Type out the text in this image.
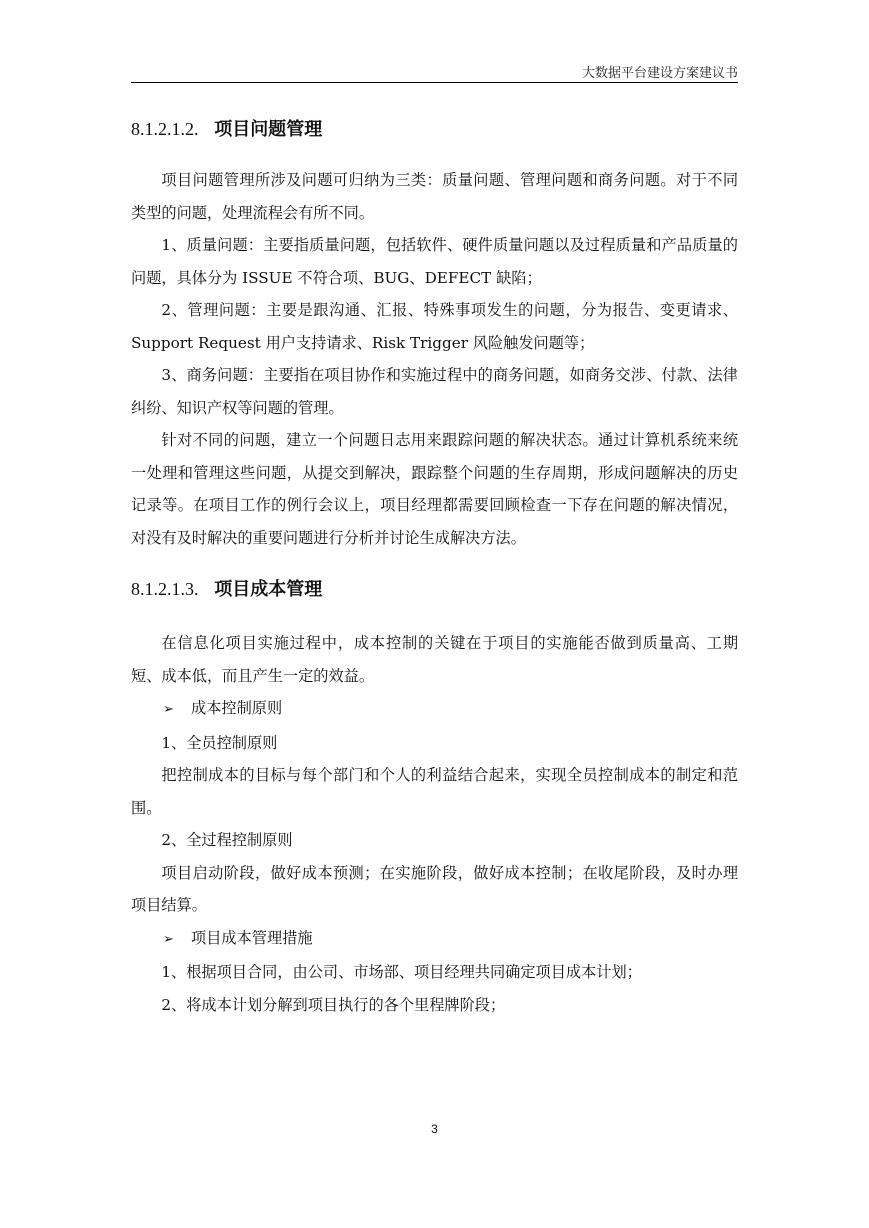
大数据平台建设方案建议书
8.1.2.1.2. 项目问题管理

项目问题管理所涉及问题可归纳为三类：质量问题、管理问题和商务问题。对于不同类型的问题，处理流程会有所不同。

1、质量问题：主要指质量问题，包括软件、硬件质量问题以及过程质量和产品质量的问题，具体分为 ISSUE 不符合项、BUG、DEFECT 缺陷；

2、管理问题：主要是跟沟通、汇报、特殊事项发生的问题，分为报告、变更请求、Support Request 用户支持请求、Risk Trigger 风险触发问题等；

3、商务问题：主要指在项目协作和实施过程中的商务问题，如商务交涉、付款、法律纠纷、知识产权等问题的管理。

针对不同的问题，建立一个问题日志用来跟踪问题的解决状态。通过计算机系统来统一处理和管理这些问题，从提交到解决，跟踪整个问题的生存周期，形成问题解决的历史记录等。在项目工作的例行会议上，项目经理都需要回顾检查一下存在问题的解决情况，对没有及时解决的重要问题进行分析并讨论生成解决方法。

8.1.2.1.3. 项目成本管理

在信息化项目实施过程中，成本控制的关键在于项目的实施能否做到质量高、工期短、成本低，而且产生一定的效益。

➢ 成本控制原则

1、全员控制原则

把控制成本的目标与每个部门和个人的利益结合起来，实现全员控制成本的制定和范围。

2、全过程控制原则

项目启动阶段，做好成本预测；在实施阶段，做好成本控制；在收尾阶段，及时办理项目结算。

➢ 项目成本管理措施

1、根据项目合同，由公司、市场部、项目经理共同确定项目成本计划；

2、将成本计划分解到项目执行的各个里程牌阶段；

3
